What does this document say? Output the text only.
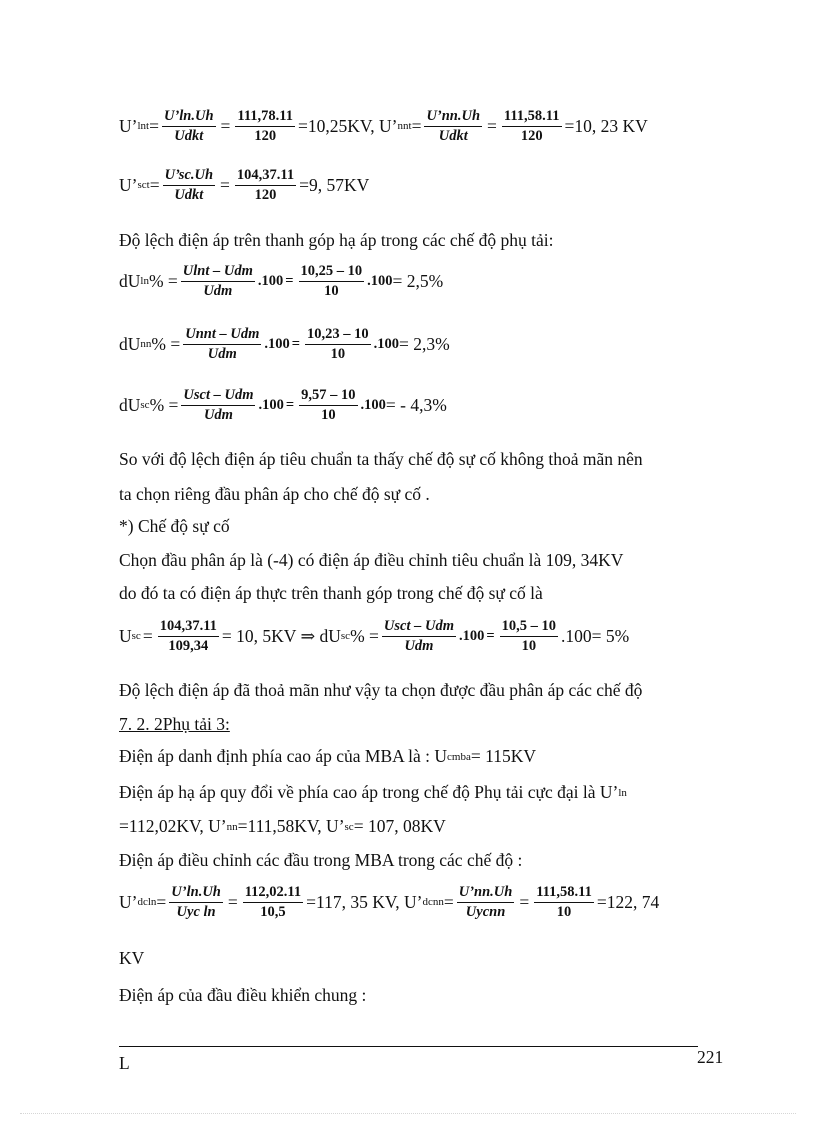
U’ $\ln t = \frac{U’\ln.Uh}{\text{Udkt}} = \frac{111,78.11}{120} =10,25KV$, U’ nnt = $\frac{U’nn.Uh}{\text{Udkt}} = \frac{111,58.11}{120} =10$, 23 KV
U’ sct = $\frac{U’sc.Uh}{\text{Udkt}} = \frac{104,37.11}{120} =9$, 57KV
Độ lệch điện áp trên thanh góp hạ áp trong các chế độ phụ tải:
dU ln % = $\frac{\text{Ulnt – Udm}}{\text{Udm}} .100 = \frac{10,25 - 10}{10} .100 = 2,5\%$
dU nn % = $\frac{\text{Unnt – Udm}}{\text{Udm}} .100 = \frac{10,23 - 10}{10} .100 = 2,3\%$
dU sc % = $\frac{\text{Usct – Udm}}{\text{Udm}} .100 = \frac{9,57 - 10}{10} .100$ = - 4,3%
So với độ lệch điện áp tiêu chuẩn ta thấy chế độ sự cố không thoả mãn nên
ta chọn riêng đầu phân áp cho chế độ sự cố .
*) Chế độ sự cố
Chọn đầu phân áp là (-4) có điện áp điều chỉnh tiêu chuẩn là 109, 34KV
do đó ta có điện áp thực trên thanh góp trong chế độ sự cố là
U sc = $\frac{104,37.11}{109,34} = 10$, 5KV ⇒ dU sc % = $\frac{\text{Usct – Udm}}{\text{Udm}} .100 = \frac{10,5 - 10}{10} .100= 5\%$
Độ lệch điện áp đã thoả mãn như vậy ta chọn được đầu phân áp các chế độ
7. 2. 2Phụ tải 3:
Điện áp danh định phía cao áp của MBA là : U cmba = 115KV
Điện áp hạ áp quy đổi về phía cao áp trong chế độ Phụ tải cực đại là U’ ln
=112,02KV, U’ nn =111,58KV, U’ sc = 107, 08KV
Điện áp điều chỉnh các đầu trong MBA trong các chế độ :
U’ $dcln = \frac{U’\ln.Uh}{\text{Uyc ln}} = \frac{112,02.11}{10,5} =117$, 35 KV, U’ dcnn = $\frac{U’nn.Uh}{\text{Uycnn}} = \frac{111,58.11}{10} =122$, 74
KV
Điện áp của đầu điều khiển chung :
L	221
